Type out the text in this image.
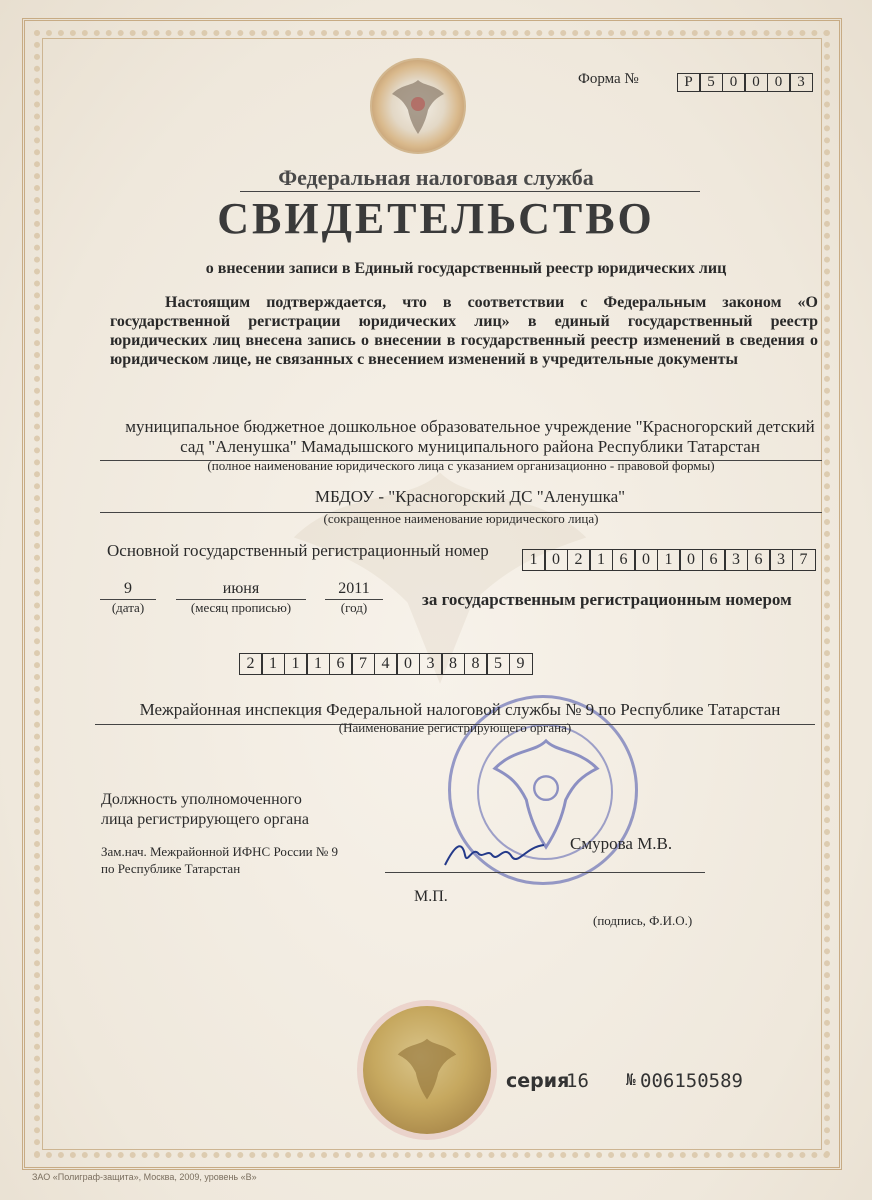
Форма №	Р 5	0	0	0	3
Федеральная налоговая служба
СВИДЕТЕЛЬСТВО
о внесении записи в Единый государственный реестр юридических лиц
Настоящим подтверждается, что в соответствии с Федеральным законом «О государственной регистрации юридических лиц» в единый государственный реестр юридических лиц внесена запись о внесении в государственный реестр изменений в сведения о юридическом лице, не связанных с внесением изменений в учредительные документы
муниципальное бюджетное дошкольное образовательное учреждение "Красногорский детский сад "Аленушка" Мамадышского муниципального района Республики Татарстан
(полное наименование юридического лица с указанием организационно - правовой формы)
МБДОУ - "Красногорский ДС "Аленушка"
(сокращенное наименование юридического лица)
Основной государственный регистрационный номер	1 0 2 1 6 0 1 0 6 3 6 3 7
9
(дата)
июня
(месяц прописью)
2011
(год)	за государственным регистрационным номером
2 1 1 1 6 7 4 0 3 8 8 5 9
Межрайонная инспекция Федеральной налоговой службы № 9 по Республике Татарстан
(Наименование регистрирующего органа)
Должность уполномоченного
лица регистрирующего органа
Зам.нач. Межрайонной ИФНС России № 9
по Республике Татарстан
Смурова М.В.
М.П.
(подпись, Ф.И.О.)
серия
16 № 006150589
ЗАО «Полиграф-защита», Москва, 2009, уровень «В»
